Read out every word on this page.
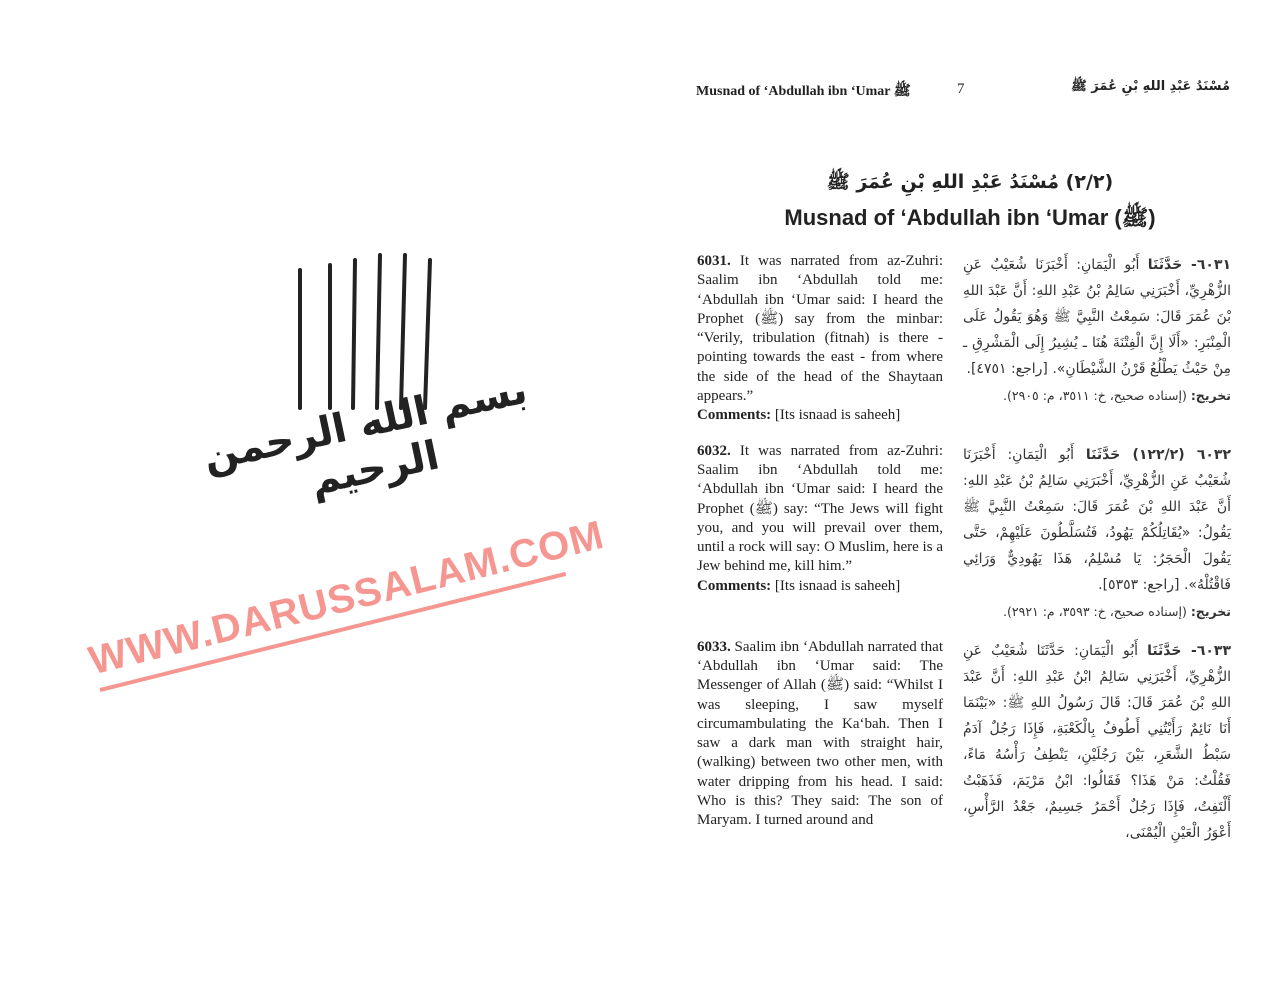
Musnad of ‘Abdullah ibn ‘Umar ﷺ	7	مُسْنَدُ عَبْدِ اللهِ بْنِ عُمَرَ ﷺ
(٢/٢) مُسْنَدُ عَبْدِ اللهِ بْنِ عُمَرَ ﷺ
Musnad of ‘Abdullah ibn ‘Umar (ﷺ)
بسم الله الرحمن الرحيم
6031. It was narrated from az-Zuhri: Saalim ibn ‘Abdullah told me: ‘Abdullah ibn ‘Umar said: I heard the Prophet (ﷺ) say from the minbar: “Verily, tribulation (fitnah) is there - pointing towards the east - from where the side of the head of the Shaytaan appears.”
Comments: [Its isnaad is saheeh]
٦٠٣١- حَدَّثَنَا أَبُو الْيَمَانِ: أَخْبَرَنَا شُعَيْبٌ عَنِ الزُّهْرِيِّ، أَخْبَرَنِي سَالِمُ بْنُ عَبْدِ اللهِ: أَنَّ عَبْدَ اللهِ بْنَ عُمَرَ قَالَ: سَمِعْتُ النَّبِيَّ ﷺ وَهُوَ يَقُولُ عَلَى الْمِنْبَرِ: «أَلَا إِنَّ الْفِتْنَةَ هُنَا ـ يُشِيرُ إِلَى الْمَشْرِقِ ـ مِنْ حَيْثُ يَطْلُعُ قَرْنُ الشَّيْطَانِ». [راجع: ٤٧٥١].
تخريج: (إسناده صحيح، خ: ٣٥١١، م: ٢٩٠٥).
6032. It was narrated from az-Zuhri: Saalim ibn ‘Abdullah told me: ‘Abdullah ibn ‘Umar said: I heard the Prophet (ﷺ) say: “The Jews will fight you, and you will prevail over them, until a rock will say: O Muslim, here is a Jew behind me, kill him.”
Comments: [Its isnaad is saheeh]
٦٠٣٢ (١٢٢/٢) حَدَّثَنَا أَبُو الْيَمَانِ: أَخْبَرَنَا شُعَيْبٌ عَنِ الزُّهْرِيِّ، أَخْبَرَنِي سَالِمُ بْنُ عَبْدِ اللهِ: أَنَّ عَبْدَ اللهِ بْنَ عُمَرَ قَالَ: سَمِعْتُ النَّبِيَّ ﷺ يَقُولُ: «يُقَاتِلُكُمْ يَهُودُ، فَتُسَلَّطُونَ عَلَيْهِمْ، حَتَّى يَقُولَ الْحَجَرُ: يَا مُسْلِمُ، هَذَا يَهُودِيٌّ وَرَائِي فَاقْتُلْهُ». [راجع: ٥٣٥٣].
تخريج: (إسناده صحيح، خ: ٣٥٩٣، م: ٢٩٢١).
6033. Saalim ibn ‘Abdullah narrated that ‘Abdullah ibn ‘Umar said: The Messenger of Allah (ﷺ) said: “Whilst I was sleeping, I saw myself circumambulating the Ka‘bah. Then I saw a dark man with straight hair, (walking) between two other men, with water dripping from his head. I said: Who is this? They said: The son of Maryam. I turned around and
٦٠٣٣- حَدَّثَنَا أَبُو الْيَمَانِ: حَدَّثَنَا شُعَيْبٌ عَنِ الزُّهْرِيِّ، أَخْبَرَنِي سَالِمُ ابْنُ عَبْدِ اللهِ: أَنَّ عَبْدَ اللهِ بْنَ عُمَرَ قَالَ: قَالَ رَسُولُ اللهِ ﷺ: «بَيْنَمَا أَنَا نَائِمٌ رَأَيْتُنِي أَطُوفُ بِالْكَعْبَةِ، فَإِذَا رَجُلٌ آدَمُ سَبْطُ الشَّعَرِ، بَيْنَ رَجُلَيْنِ، يَنْطِفُ رَأْسُهُ مَاءً، فَقُلْتُ: مَنْ هَذَا؟ فَقَالُوا: ابْنُ مَرْيَمَ، فَذَهَبْتُ أَلْتَفِتُ، فَإِذَا رَجُلٌ أَحْمَرُ جَسِيمٌ، جَعْدُ الرَّأْسِ، أَعْوَرُ الْعَيْنِ الْيُمْنَى،
WWW.DARUSSALAM.COM
